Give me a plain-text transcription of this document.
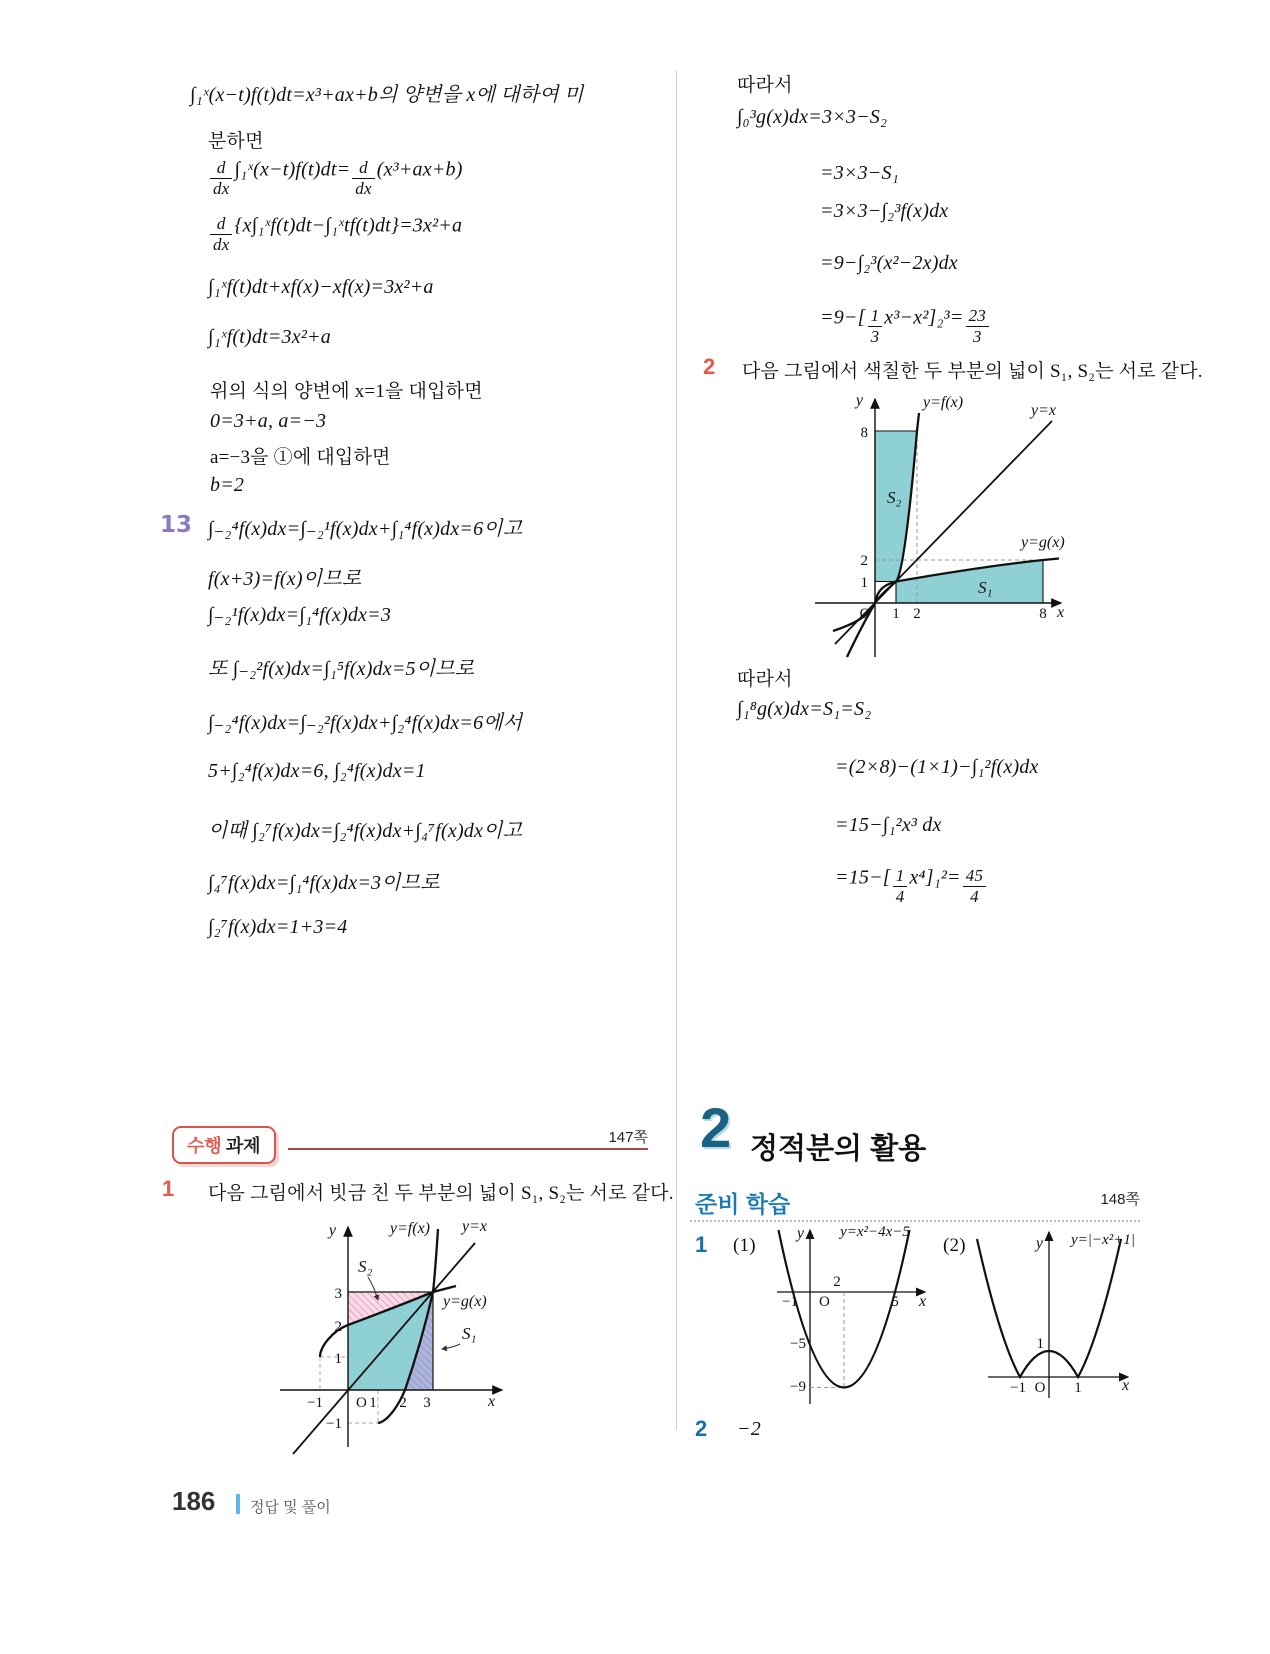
∫₁ˣ(x−t)f(t)dt=x³+ax+b의 양변을 x에 대하여 미
분하면
$\frac{d}{dx}$ ∫₁ˣ(x−t)f(t)dt= $\frac{d}{dx} (x^3+ax+b)$
$\frac{d}{dx}$ {x∫₁ˣf(t)dt−∫₁ˣtf(t)dt}=3x²+a
∫₁ˣf(t)dt+xf(x)−xf(x)=3x²+a
∫₁ˣf(t)dt=3x²+a
위의 식의 양변에 x=1을 대입하면
0=3+a, a=−3
a=−3을 ①에 대입하면
b=2
13 ∫₋₂⁴f(x)dx=∫₋₂¹f(x)dx+∫₁⁴f(x)dx=6이고
f(x+3)=f(x)이므로
∫₋₂¹f(x)dx=∫₁⁴f(x)dx=3
또 ∫₋₂²f(x)dx=∫₁⁵f(x)dx=5이므로
∫₋₂⁴f(x)dx=∫₋₂²f(x)dx+∫₂⁴f(x)dx=6에서
5+∫₂⁴f(x)dx=6, ∫₂⁴f(x)dx=1
이때 ∫₂⁷f(x)dx=∫₂⁴f(x)dx+∫₄⁷f(x)dx이고
∫₄⁷f(x)dx=∫₁⁴f(x)dx=3이므로
∫₂⁷f(x)dx=1+3=4
수행 과제	147쪽
1 다음 그림에서 빗금 친 두 부분의 넓이 S₁, S₂는 서로 같다.
y
x
O
−1	1 2 3
3
2
1
−1
y=f(x) y=x
y=g(x)
S₂
S₁
따라서
∫₀³g(x)dx=3×3−S₂
=3×3−S₁
=3×3−∫₂³f(x)dx
=9−∫₂³(x²−2x)dx
$=9-[ \frac{1}{3} x^3-x^2]_2^3= \frac{23}{3}$
2 다음 그림에서 색칠한 두 부분의 넓이 S₁, S₂는 서로 같다.
y
x
O 1 2	8
8
2
1
y=f(x)	y=x
y=g(x)
S₂
S₁
따라서
∫₁⁸g(x)dx=S₁=S₂
=(2×8)−(1×1)−∫₁²f(x)dx
=15−∫₁²x³ dx
$=15-[ \frac{1}{4} x^4]_1^2= \frac{45}{4}$
2 정적분의 활용
준비 학습	148쪽
1 (1)	(2)
y=x²−4x−5
y
x
O
−1
2
5
−5
−9
y=|−x²+1|
y
x
O
−1	1
1
2 −2
186 정답 및 풀이
